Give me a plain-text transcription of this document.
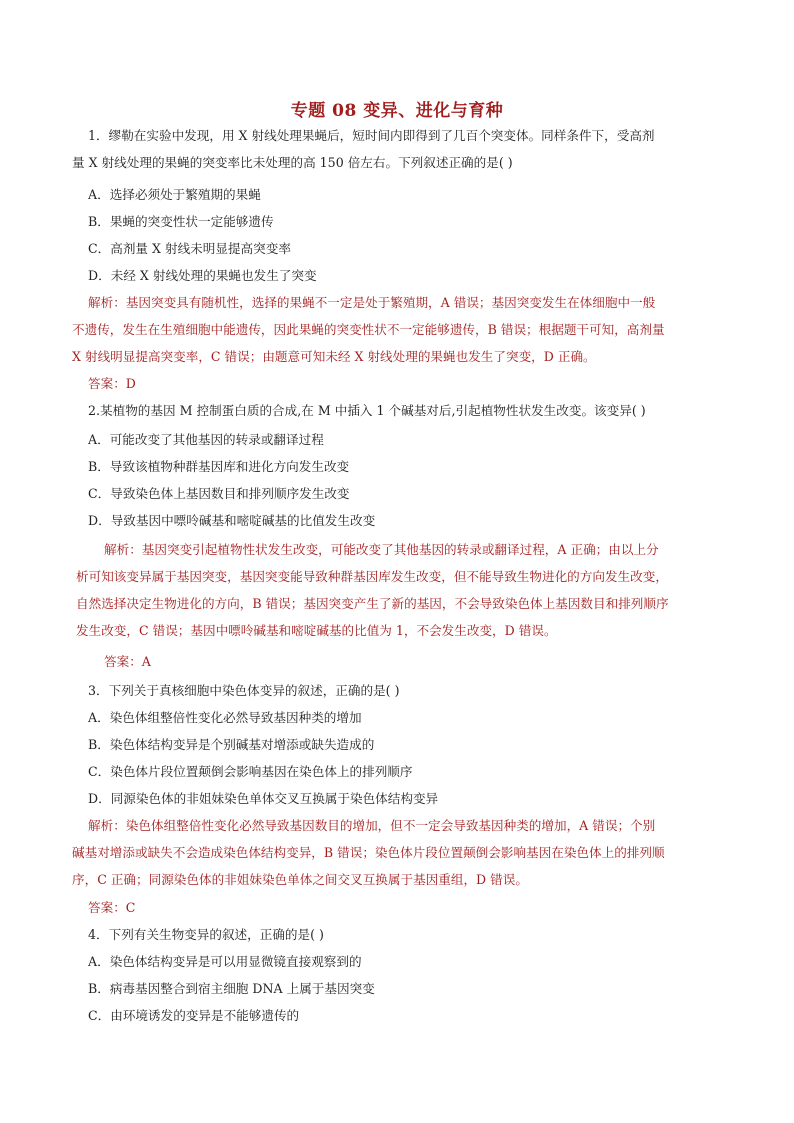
专题 08 变异、进化与育种
1．缪勒在实验中发现，用 X 射线处理果蝇后，短时间内即得到了几百个突变体。同样条件下，受高剂
量 X 射线处理的果蝇的突变率比未处理的高 150 倍左右。下列叙述正确的是( )
A．选择必须处于繁殖期的果蝇
B．果蝇的突变性状一定能够遗传
C．高剂量 X 射线未明显提高突变率
D．未经 X 射线处理的果蝇也发生了突变
解析：基因突变具有随机性，选择的果蝇不一定是处于繁殖期，A 错误；基因突变发生在体细胞中一般
不遗传，发生在生殖细胞中能遗传，因此果蝇的突变性状不一定能够遗传，B 错误；根据题干可知，高剂量
X 射线明显提高突变率，C 错误；由题意可知未经 X 射线处理的果蝇也发生了突变，D 正确。
答案：D
2.某植物的基因 M 控制蛋白质的合成,在 M 中插入 1 个碱基对后,引起植物性状发生改变。该变异( )
A．可能改变了其他基因的转录或翻译过程
B．导致该植物种群基因库和进化方向发生改变
C．导致染色体上基因数目和排列顺序发生改变
D．导致基因中嘌呤碱基和嘧啶碱基的比值发生改变
解析：基因突变引起植物性状发生改变，可能改变了其他基因的转录或翻译过程，A 正确；由以上分
析可知该变异属于基因突变，基因突变能导致种群基因库发生改变，但不能导致生物进化的方向发生改变，
自然选择决定生物进化的方向，B 错误；基因突变产生了新的基因，不会导致染色体上基因数目和排列顺序
发生改变，C 错误；基因中嘌呤碱基和嘧啶碱基的比值为 1，不会发生改变，D 错误。
答案：A
3．下列关于真核细胞中染色体变异的叙述，正确的是( )
A．染色体组整倍性变化必然导致基因种类的增加
B．染色体结构变异是个别碱基对增添或缺失造成的
C．染色体片段位置颠倒会影响基因在染色体上的排列顺序
D．同源染色体的非姐妹染色单体交叉互换属于染色体结构变异
解析：染色体组整倍性变化必然导致基因数目的增加，但不一定会导致基因种类的增加，A 错误；个别
碱基对增添或缺失不会造成染色体结构变异，B 错误；染色体片段位置颠倒会影响基因在染色体上的排列顺
序，C 正确；同源染色体的非姐妹染色单体之间交叉互换属于基因重组，D 错误。
答案：C
4．下列有关生物变异的叙述，正确的是( )
A．染色体结构变异是可以用显微镜直接观察到的
B．病毒基因整合到宿主细胞 DNA 上属于基因突变
C．由环境诱发的变异是不能够遗传的
